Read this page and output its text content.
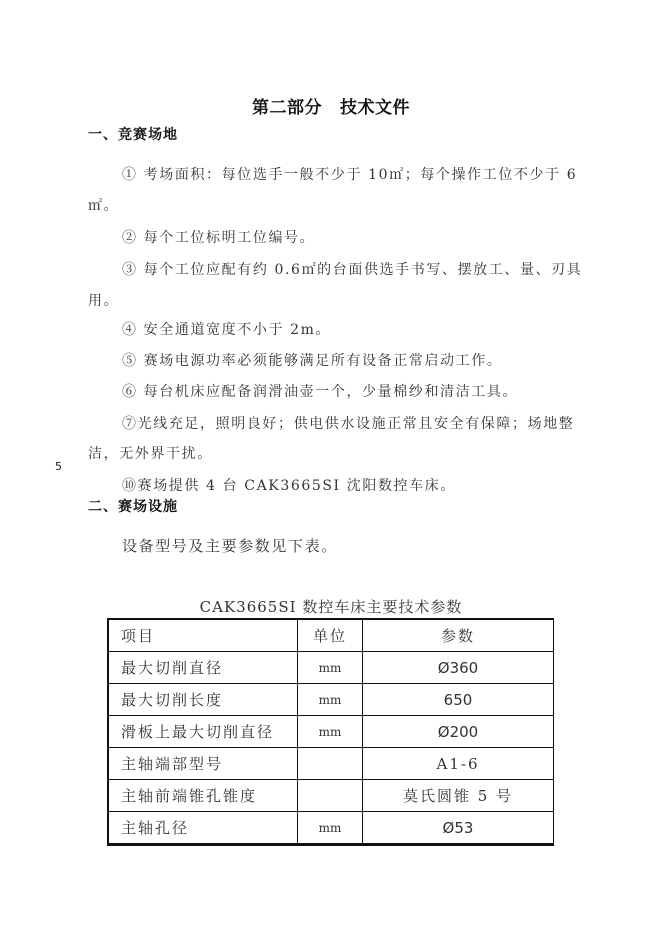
第二部分 技术文件
一、竞赛场地
① 考场面积：每位选手一般不少于 10㎡；每个操作工位不少于 6
㎡。
② 每个工位标明工位编号。
③ 每个工位应配有约 0.6㎡的台面供选手书写、摆放工、量、刃具
用。
④ 安全通道宽度不小于 2m。
⑤ 赛场电源功率必须能够满足所有设备正常启动工作。
⑥ 每台机床应配备润滑油壶一个，少量棉纱和清洁工具。
⑦光线充足，照明良好；供电供水设施正常且安全有保障；场地整
洁，无外界干扰。
5
⑩赛场提供 4 台 CAK3665SI 沈阳数控车床。
二、赛场设施
设备型号及主要参数见下表。
CAK3665SI 数控车床主要技术参数
项目	单位	参数
最大切削直径	mm	Ø360
最大切削长度	mm	650
滑板上最大切削直径	mm	Ø200
主轴端部型号		A1-6
主轴前端锥孔锥度		莫氏圆锥 5 号
主轴孔径	mm	Ø53
